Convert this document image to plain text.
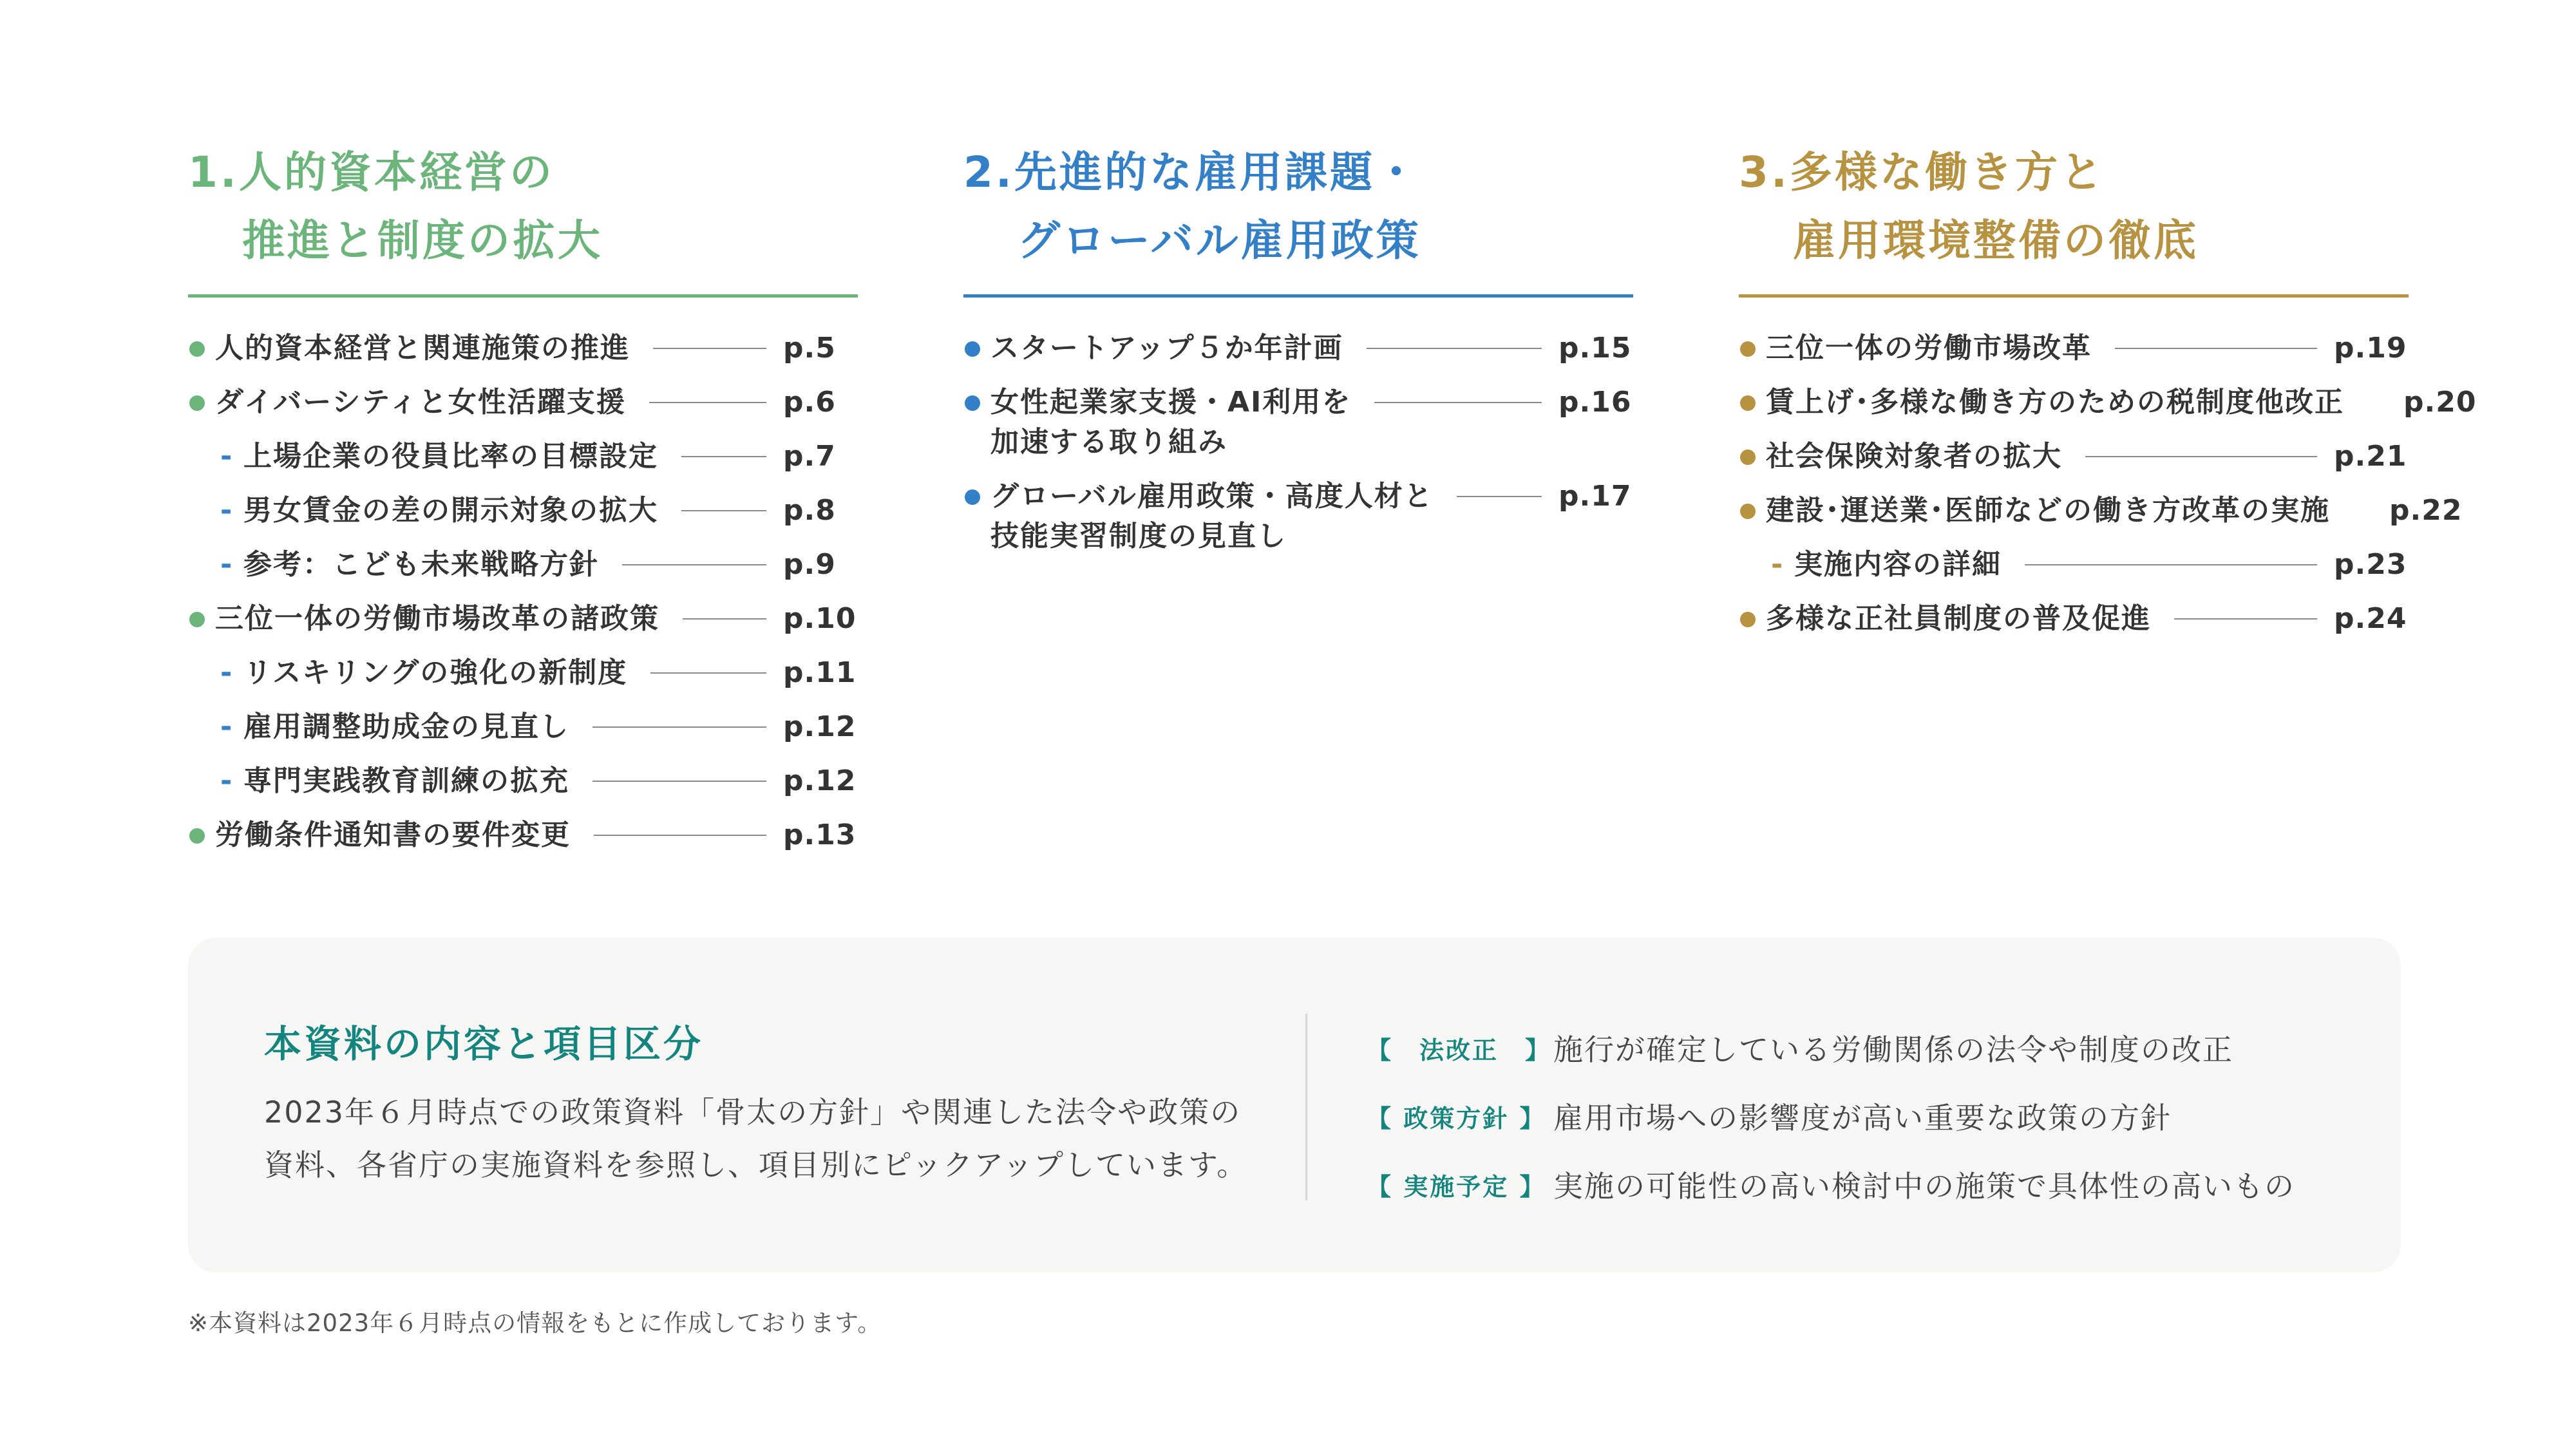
1.人的資本経営の
推進と制度の拡大
人的資本経営と関連施策の推進	p.5
ダイバーシティと女性活躍支援	p.6
- 上場企業の役員比率の目標設定	p.7
- 男女賃金の差の開示対象の拡大	p.8
- 参考：こども未来戦略方針	p.9
三位一体の労働市場改革の諸政策	p.10
- リスキリングの強化の新制度	p.11
- 雇用調整助成金の見直し	p.12
- 専門実践教育訓練の拡充	p.12
労働条件通知書の要件変更	p.13
2.先進的な雇用課題・
グローバル雇用政策
スタートアップ５か年計画	p.15
女性起業家支援・AI利用を
加速する取り組み
p.16
グローバル雇用政策・高度人材と
技能実習制度の見直し
p.17
3.多様な働き方と
雇用環境整備の徹底
三位一体の労働市場改革	p.19
賃上げ･多様な働き方のための税制度他改正 p.20
社会保険対象者の拡大	p.21
建設･運送業･医師などの働き方改革の実施 p.22
- 実施内容の詳細	p.23
多様な正社員制度の普及促進	p.24
本資料の内容と項目区分

2023年６月時点での政策資料「骨太の方針」や関連した法令や政策の
資料、各省庁の実施資料を参照し、項目別にピックアップしています。

【　法改正　】 施行が確定している労働関係の法令や制度の改正
【 政策方針 】 雇用市場への影響度が高い重要な政策の方針
【 実施予定 】 実施の可能性の高い検討中の施策で具体性の高いもの

※本資料は2023年６月時点の情報をもとに作成しております。
